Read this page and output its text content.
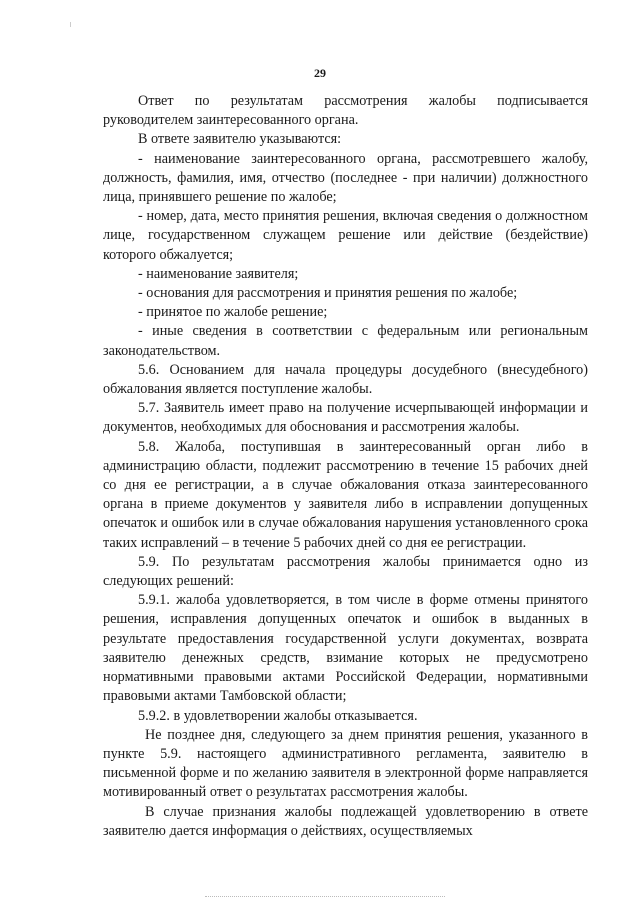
29

Ответ по результатам рассмотрения жалобы подписывается руководителем заинтересованного органа.

В ответе заявителю указываются:

- наименование заинтересованного органа, рассмотревшего жалобу, должность, фамилия, имя, отчество (последнее - при наличии) должностного лица, принявшего решение по жалобе;

- номер, дата, место принятия решения, включая сведения о должностном лице, государственном служащем решение или действие (бездействие) которого обжалуется;

- наименование заявителя;

- основания для рассмотрения и принятия решения по жалобе;

- принятое по жалобе решение;

- иные сведения в соответствии с федеральным или региональным законодательством.

5.6. Основанием для начала процедуры досудебного (внесудебного) обжалования является поступление жалобы.

5.7. Заявитель имеет право на получение исчерпывающей информации и документов, необходимых для обоснования и рассмотрения жалобы.

5.8. Жалоба, поступившая в заинтересованный орган либо в администрацию области, подлежит рассмотрению в течение 15 рабочих дней со дня ее регистрации, а в случае обжалования отказа заинтересованного органа в приеме документов у заявителя либо в исправлении допущенных опечаток и ошибок или в случае обжалования нарушения установленного срока таких исправлений – в течение 5 рабочих дней со дня ее регистрации.

5.9. По результатам рассмотрения жалобы принимается одно из следующих решений:

5.9.1. жалоба удовлетворяется, в том числе в форме отмены принятого решения, исправления допущенных опечаток и ошибок в выданных в результате предоставления государственной услуги документах, возврата заявителю денежных средств, взимание которых не предусмотрено нормативными правовыми актами Российской Федерации, нормативными правовыми актами Тамбовской области;

5.9.2. в удовлетворении жалобы отказывается.

Не позднее дня, следующего за днем принятия решения, указанного в пункте 5.9. настоящего административного регламента, заявителю в письменной форме и по желанию заявителя в электронной форме направляется мотивированный ответ о результатах рассмотрения жалобы.

В случае признания жалобы подлежащей удовлетворению в ответе заявителю дается информация о действиях, осуществляемых
